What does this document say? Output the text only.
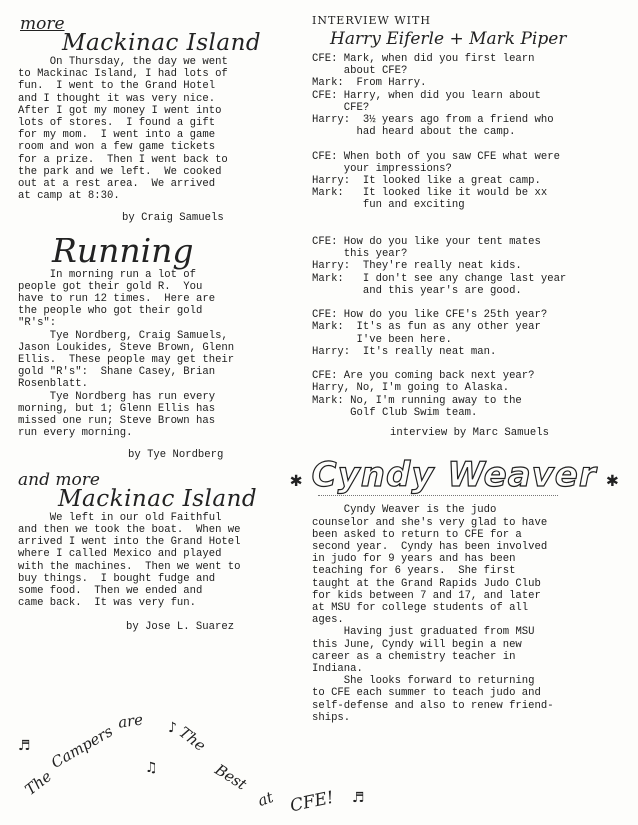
more
Mackinac Island

On Thursday, the day we went
to Mackinac Island, I had lots of
fun.  I went to the Grand Hotel
and I thought it was very nice.
After I got my money I went into
lots of stores.  I found a gift
for my mom.  I went into a game
room and won a few game tickets
for a prize.  Then I went back to
the park and we left.  We cooked
out at a rest area.  We arrived
at camp at 8:30.

by Craig Samuels

Running

In morning run a lot of
people got their gold R.  You
have to run 12 times.  Here are
the people who got their gold
"R's":
Tye Nordberg, Craig Samuels,
Jason Loukides, Steve Brown, Glenn
Ellis.  These people may get their
gold "R's":  Shane Casey, Brian
Rosenblatt.
Tye Nordberg has run every
morning, but 1; Glenn Ellis has
missed one run; Steve Brown has
run every morning.

by Tye Nordberg

and more
Mackinac Island

We left in our old Faithful
and then we took the boat.  When we
arrived I went into the Grand Hotel
where I called Mexico and played
with the machines.  Then we went to
buy things.  I bought fudge and
some food.  Then we ended and
came back.  It was very fun.

by Jose L. Suarez

INTERVIEW WITH
Harry Eiferle + Mark Piper

CFE: Mark, when did you first learn
about CFE?
Mark:  From Harry.
CFE: Harry, when did you learn about
CFE?
Harry:  3½ years ago from a friend who
had heard about the camp.

CFE: When both of you saw CFE what were
your impressions?
Harry:  It looked like a great camp.
Mark:   It looked like it would be xx
fun and exciting

CFE: How do you like your tent mates
this year?
Harry:  They're really neat kids.
Mark:   I don't see any change last year
and this year's are good.

CFE: How do you like CFE's 25th year?
Mark:  It's as fun as any other year
I've been here.
Harry:  It's really neat man.

CFE: Are you coming back next year?
Harry, No, I'm going to Alaska.
Mark: No, I'm running away to the
Golf Club Swim team.

interview by Marc Samuels

✱ Cyndy Weaver ✱

Cyndy Weaver is the judo
counselor and she's very glad to have
been asked to return to CFE for a
second year.  Cyndy has been involved
in judo for 9 years and has been
teaching for 6 years.  She first
taught at the Grand Rapids Judo Club
for kids between 7 and 17, and later
at MSU for college students of all
ages.
Having just graduated from MSU
this June, Cyndy will begin a new
career as a chemistry teacher in
Indiana.
She looks forward to returning
to CFE each summer to teach judo and
self-defense and also to renew friend-
ships.

♬
♫
♪
♬
The
Campers
are
The
Best
at CFE!
